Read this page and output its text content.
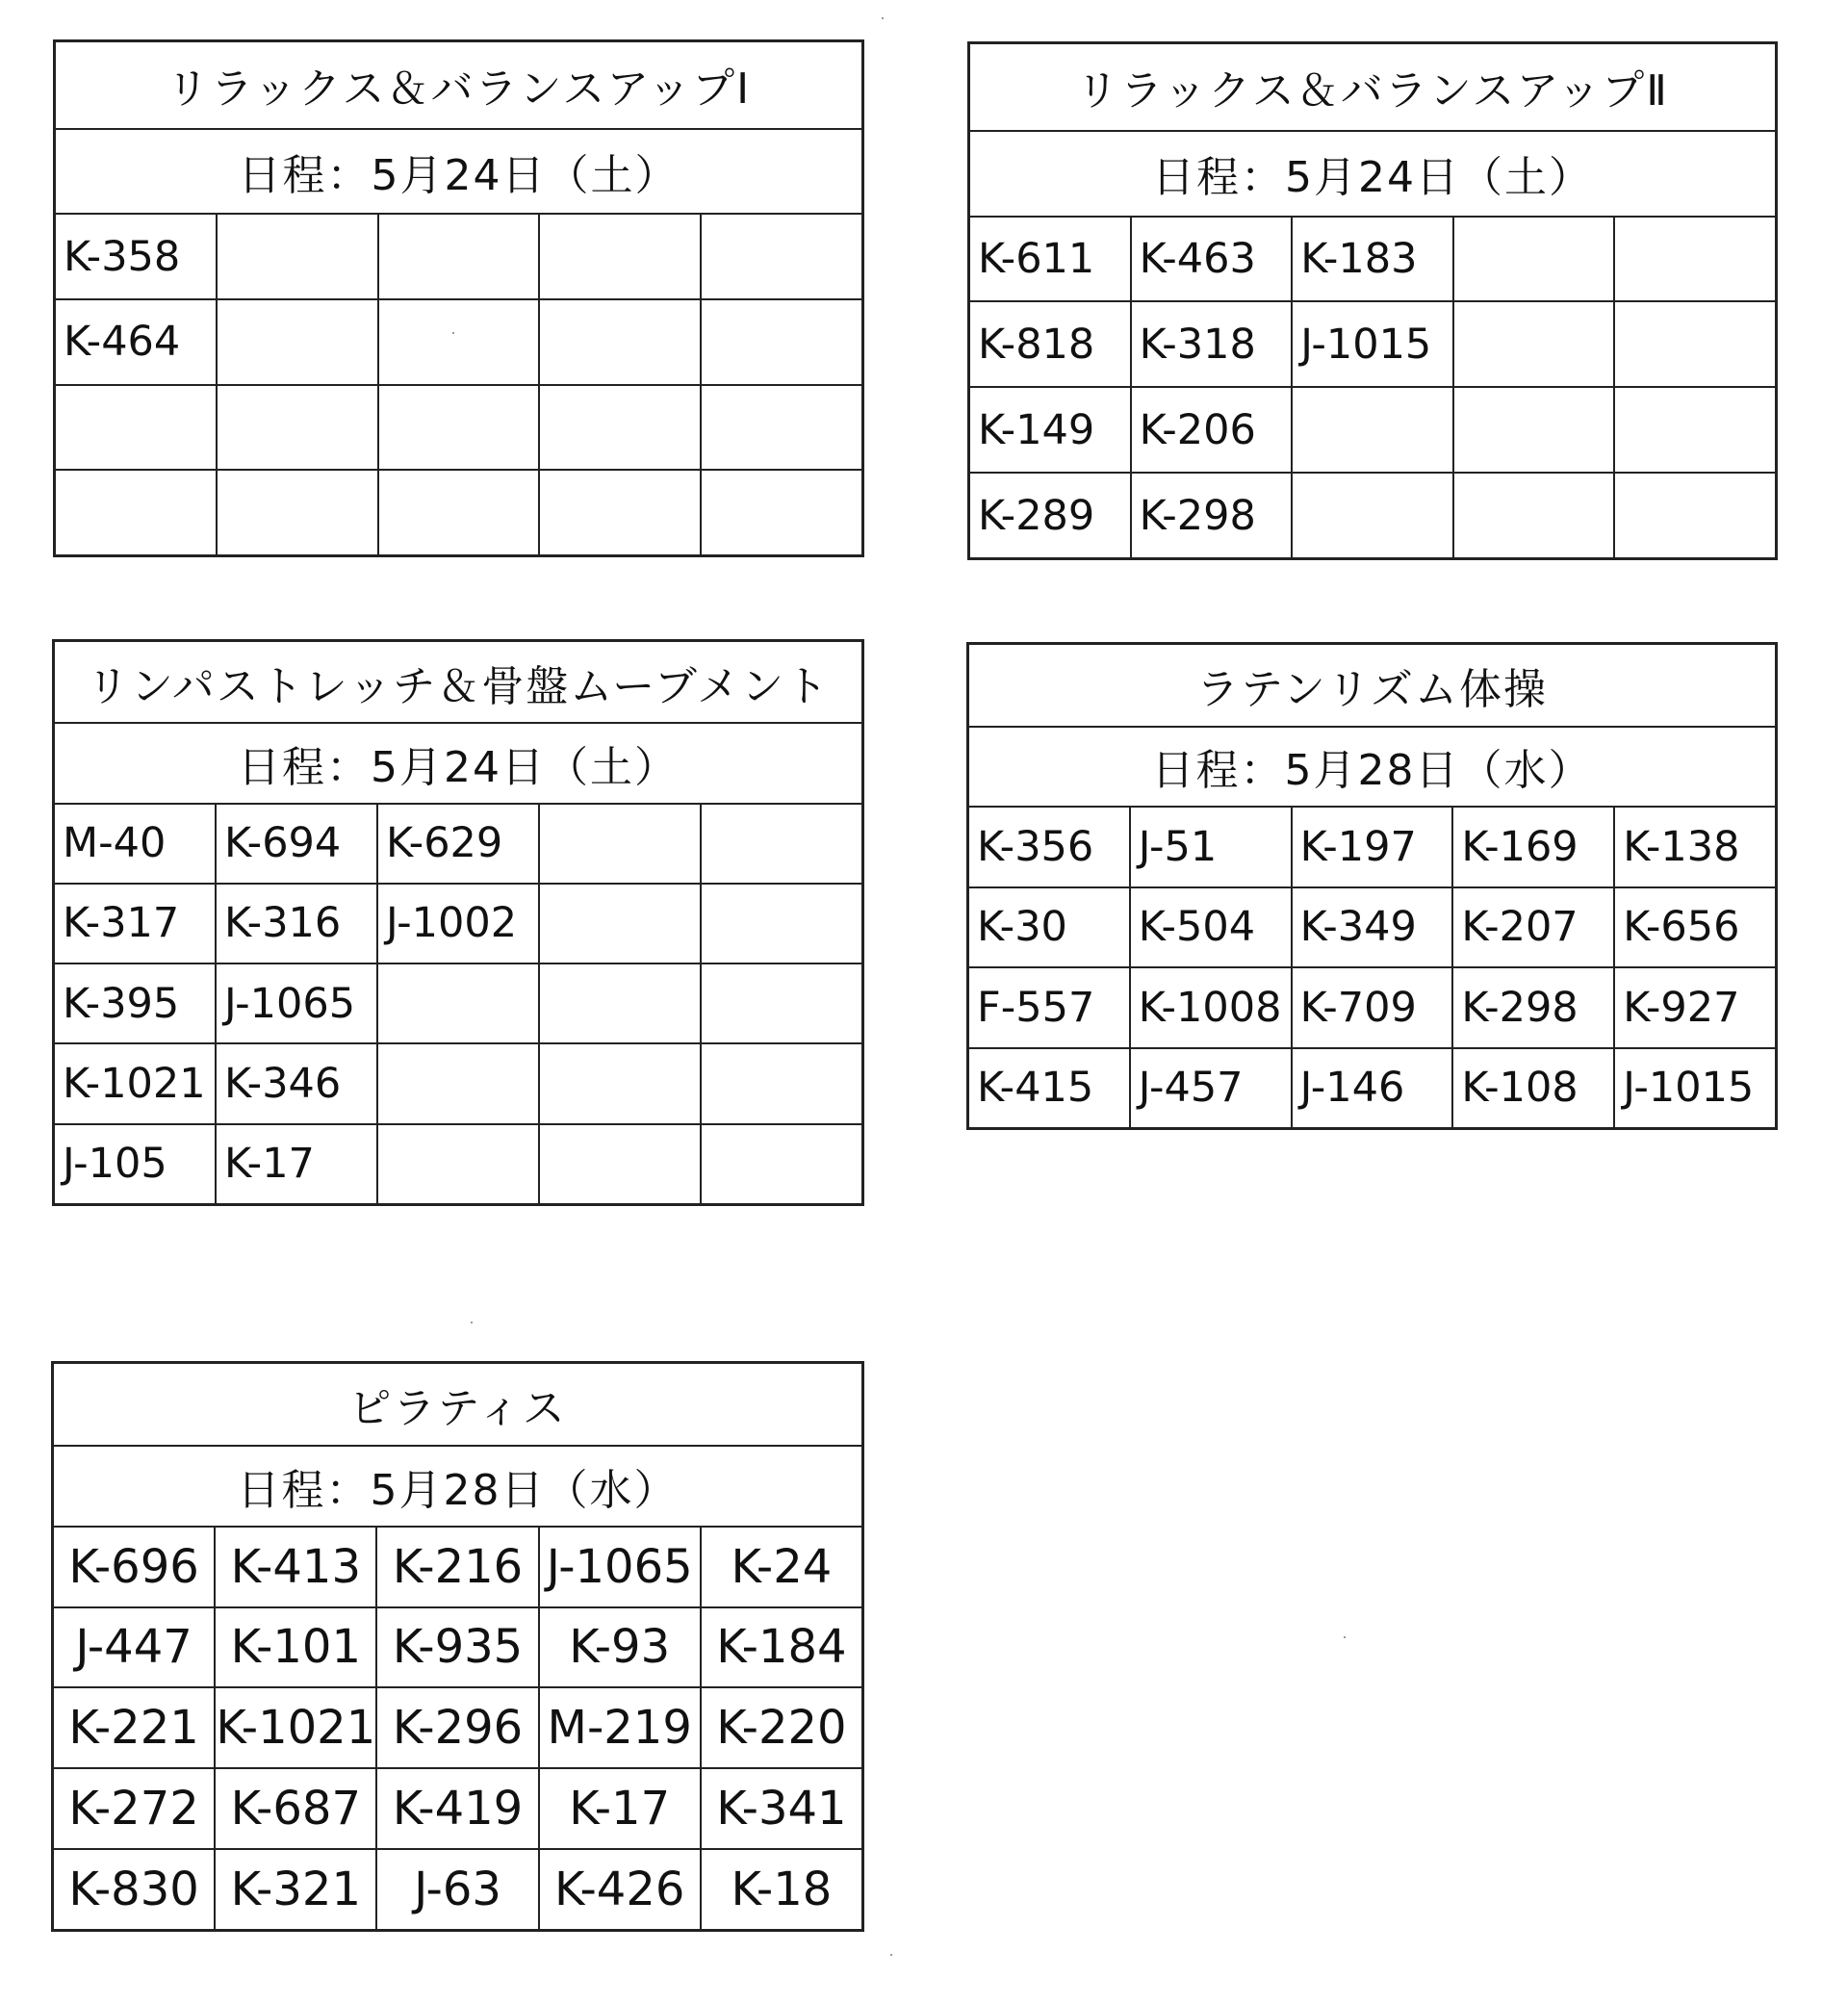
リラックス＆バランスアップⅠ
日程：5月24日（土）
K-358
K-464
リラックス＆バランスアップⅡ
日程：5月24日（土）
K-611	K-463	K-183
K-818	K-318	J-1015
K-149	K-206
K-289	K-298
リンパストレッチ＆骨盤ムーブメント
日程：5月24日（土）
M-40	K-694	K-629
K-317	K-316	J-1002
K-395	J-1065
K-1021 K-346
J-105	K-17
ラテンリズム体操
日程：5月28日（水）
K-356	J-51	K-197	K-169	K-138
K-30	K-504	K-349	K-207	K-656
F-557	K-1008 K-709	K-298	K-927
K-415	J-457	J-146	K-108	J-1015
ピラティス
日程：5月28日（水）
K-696 K-413 K-216 J-1065 K-24
J-447 K-101 K-935	K-93	K-184
K-221 K-1021 K-296 M-219 K-220
K-272 K-687 K-419	K-17	K-341
K-830 K-321	J-63	K-426	K-18
